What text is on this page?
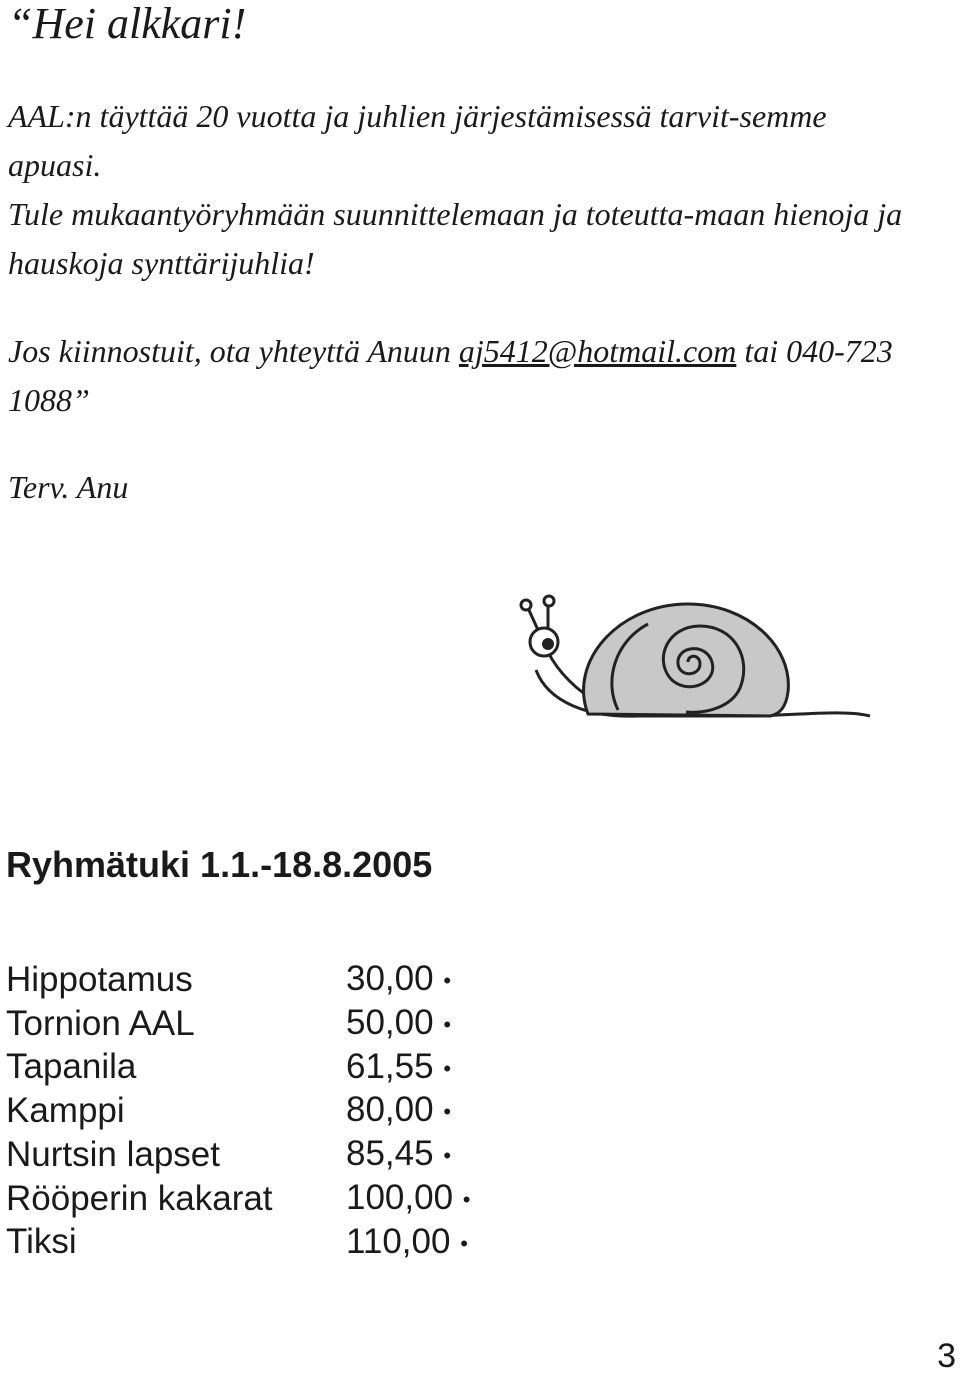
“Hei alkkari!

AAL:n täyttää 20 vuotta ja juhlien järjestämisessä tarvit-semme apuasi.

Tule mukaantyöryhmään suunnittelemaan ja toteutta-maan hienoja ja hauskoja synttärijuhlia!

Jos kiinnostuit, ota yhteyttä Anuun aj5412@hotmail.com tai 040-723 1088”

Terv. Anu

Ryhmätuki 1.1.-18.8.2005
Hippotamus	30,00 •
Tornion AAL	50,00 •
Tapanila	61,55 •
Kamppi	80,00 •
Nurtsin lapset	85,45 •
Rööperin kakarat	100,00 •
Tiksi	110,00 •

3
